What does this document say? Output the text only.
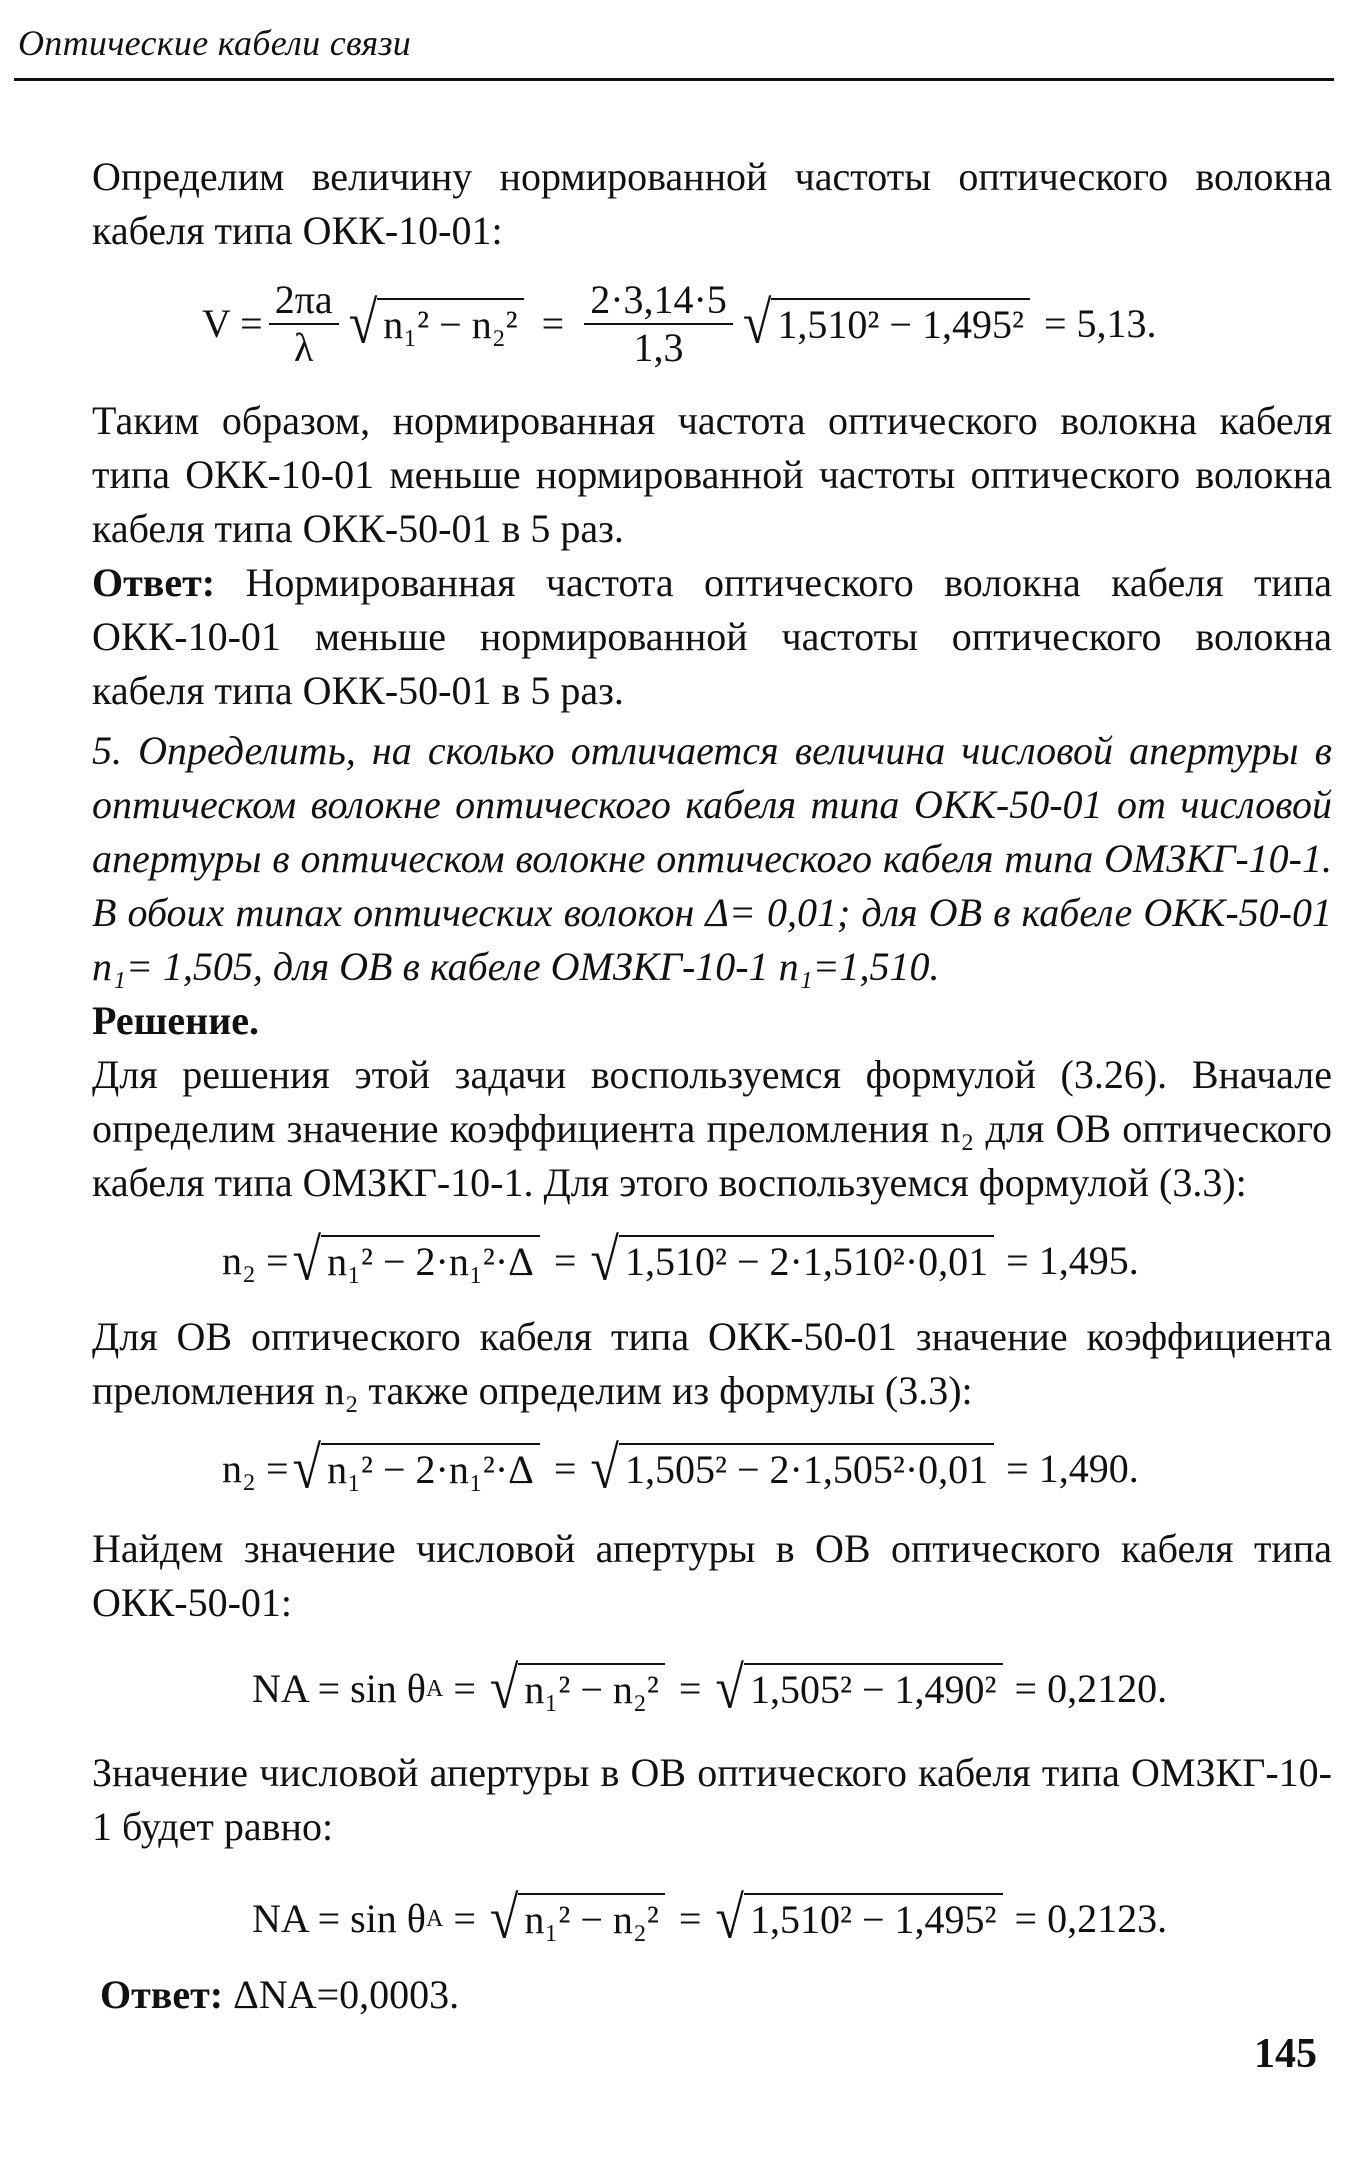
Оптические кабели связи

Определим величину нормированной частоты оптического волокна кабеля типа ОКК-10-01:

$V = \frac{2\pi a}{\lambda}$ √ $n_1^2 - n_2^2 = \frac{2\cdot 3,14\cdot 5}{1,3}$ √ 1,510² − 1,495² = 5,13.

Таким образом, нормированная частота оптического волокна кабеля типа ОКК-10-01 меньше нормированной частоты оптического волокна кабеля типа ОКК-50-01 в 5 раз.

Ответ: Нормированная частота оптического волокна кабеля типа ОКК-10-01 меньше нормированной частоты оптического волокна кабеля типа ОКК-50-01 в 5 раз.

5. Определить, на сколько отличается величина числовой апертуры в оптическом волокне оптического кабеля типа ОКК-50-01 от числовой апертуры в оптическом волокне оптического кабеля типа ОМЗКГ-10-1. В обоих типах оптических волокон Δ= 0,01; для ОВ в кабеле ОКК-50-01 n₁= 1,505, для ОВ в кабеле ОМЗКГ-10-1 n₁=1,510.

Решение.

Для решения этой задачи воспользуемся формулой (3.26). Вначале определим значение коэффициента преломления n₂ для ОВ оптического кабеля типа ОМЗКГ-10-1. Для этого воспользуемся формулой (3.3):

n₂ = √ n₁² − 2·n₁²·Δ = √ 1,510² − 2·1,510²·0,01 = 1,495.

Для ОВ оптического кабеля типа ОКК-50-01 значение коэффициента преломления n₂ также определим из формулы (3.3):

n₂ = √ n₁² − 2·n₁²·Δ = √ 1,505² − 2·1,505²·0,01 = 1,490.

Найдем значение числовой апертуры в ОВ оптического кабеля типа ОКК-50-01:

NA = sin θ A = √ n₁² − n₂² = √ 1,505² − 1,490² = 0,2120.

Значение числовой апертуры в ОВ оптического кабеля типа ОМЗКГ-10-1 будет равно:

NA = sin θ A = √ n₁² − n₂² = √ 1,510² − 1,495² = 0,2123.

Ответ: ΔNA=0,0003.

145
